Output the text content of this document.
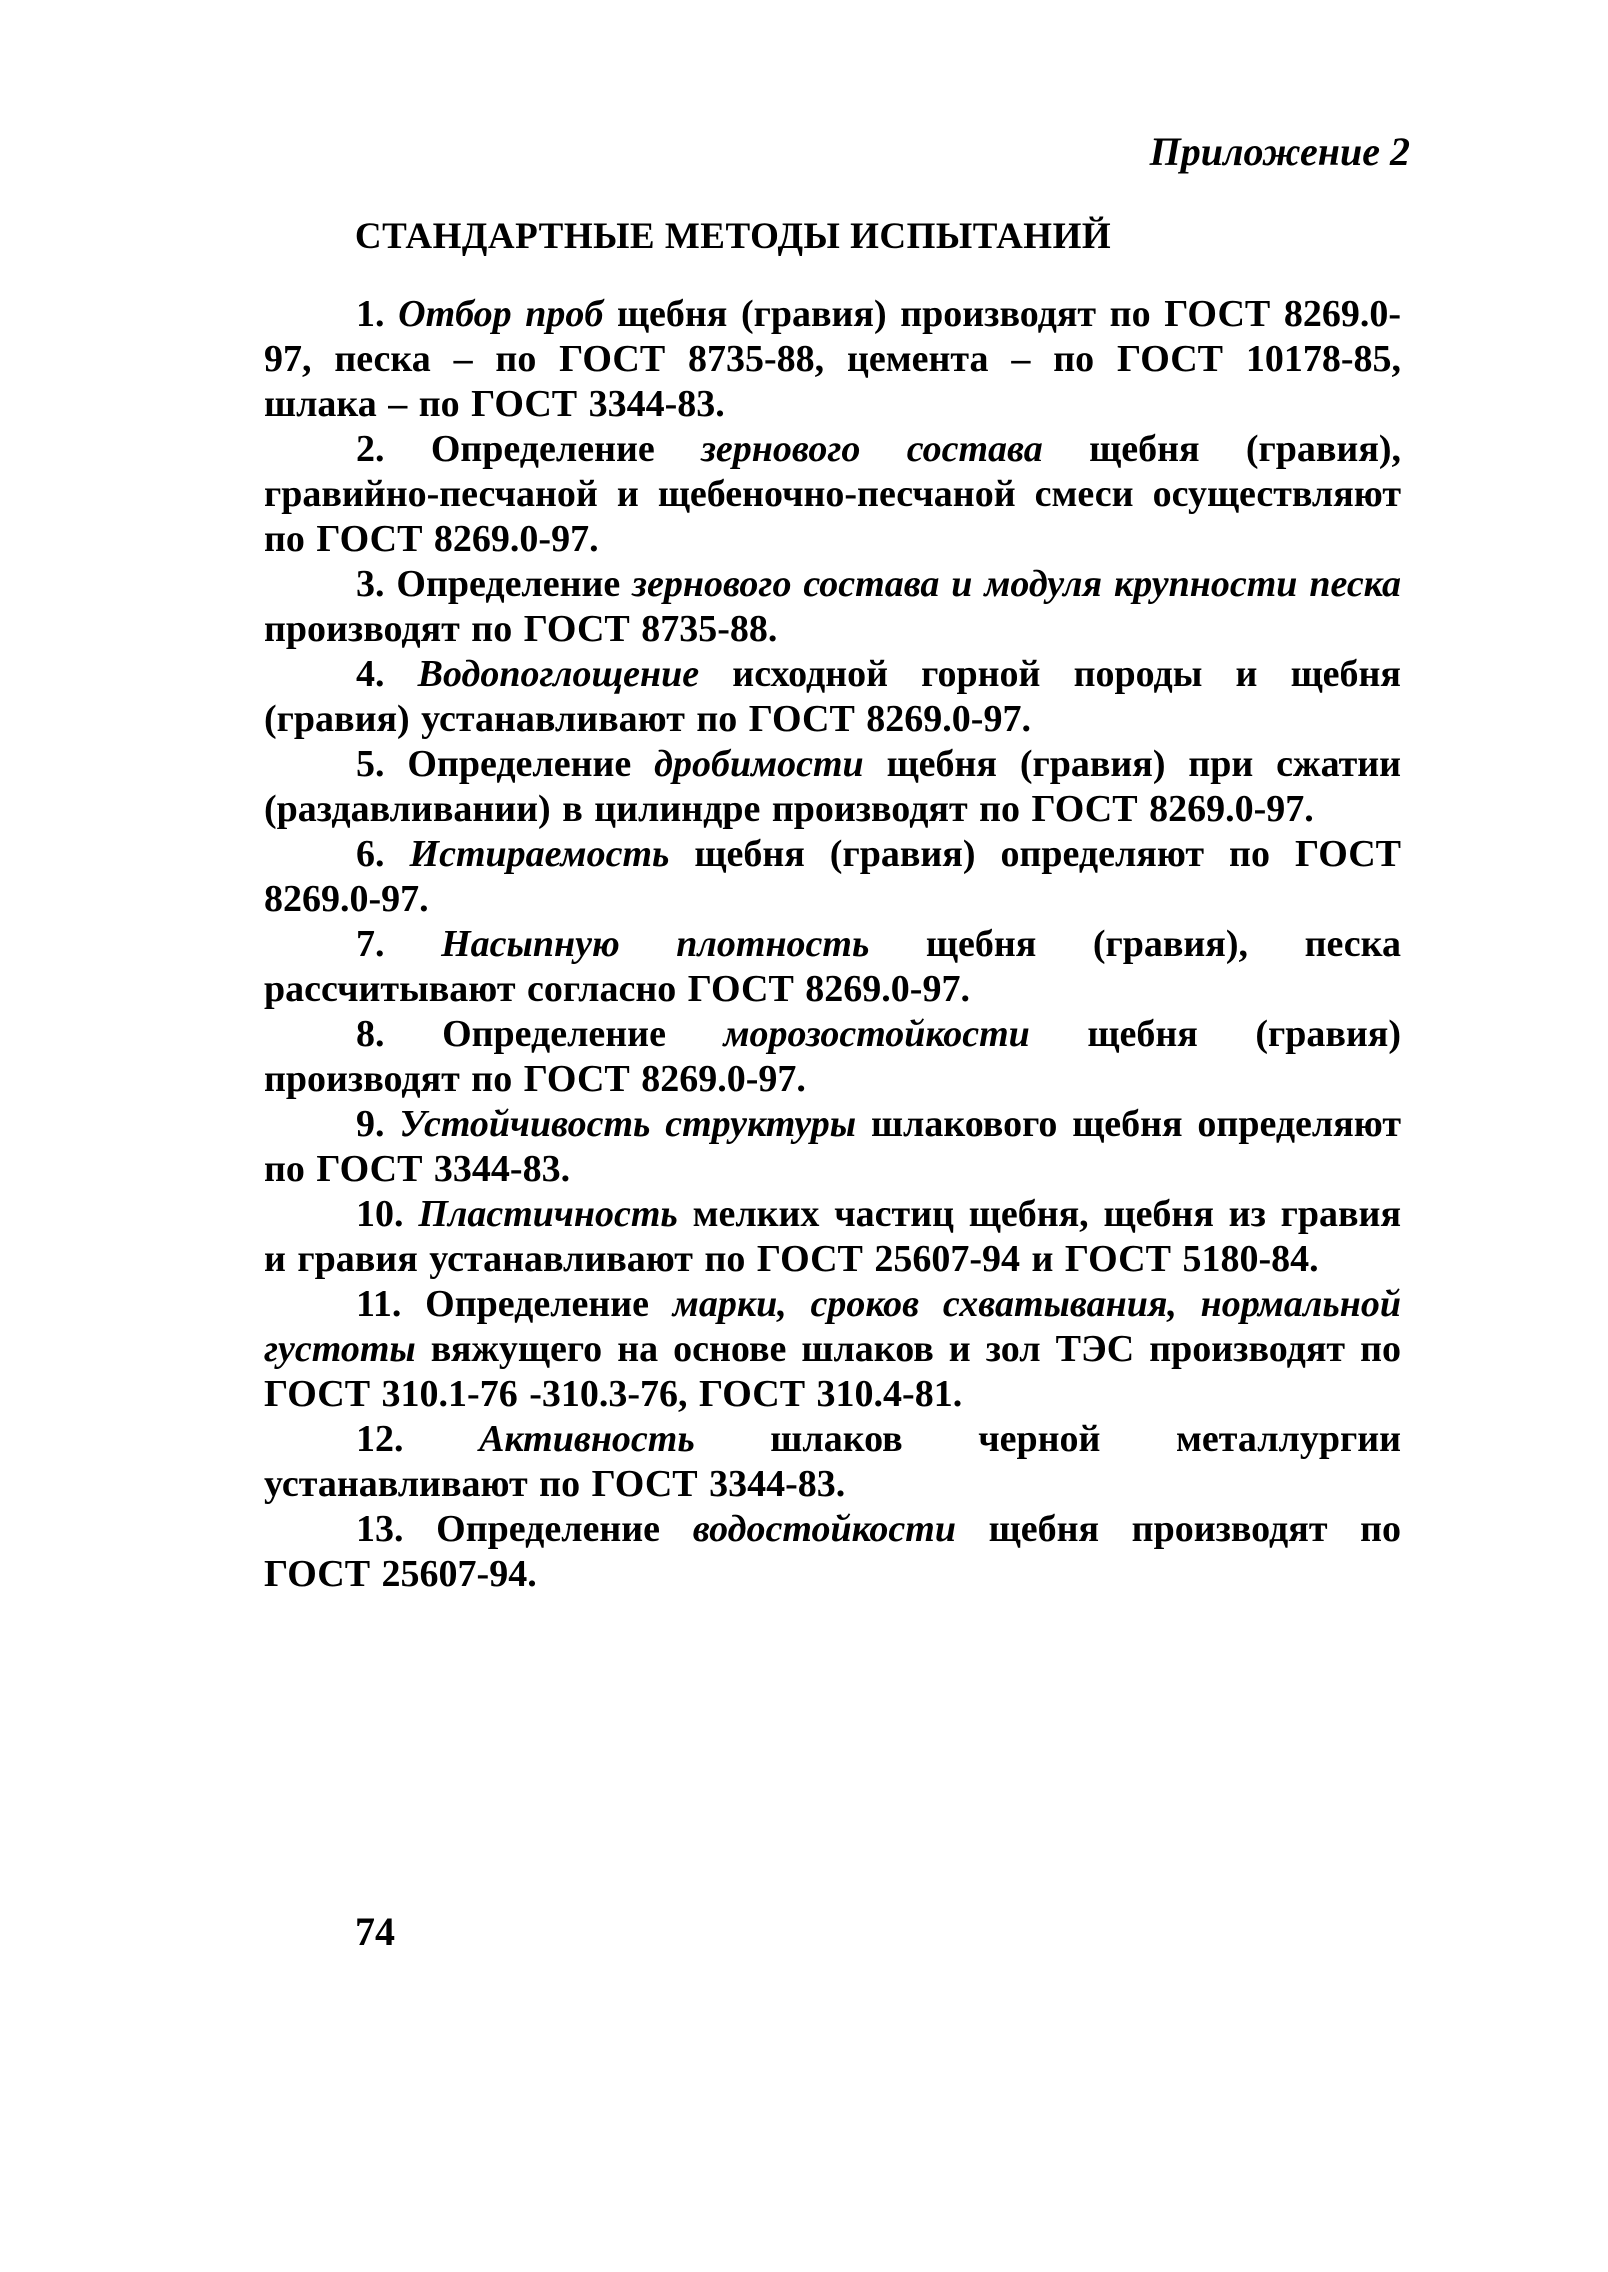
Приложение 2
СТАНДАРТНЫЕ МЕТОДЫ ИСПЫТАНИЙ

1. Отбор проб щебня (гравия) производят по ГОСТ 8269.0-97, песка – по ГОСТ 8735-88, цемента – по ГОСТ 10178-85, шлака – по ГОСТ 3344-83.

2. Определение зернового состава щебня (гравия), гравийно-песчаной и щебеночно-песчаной смеси осуществляют по ГОСТ 8269.0-97.

3. Определение зернового состава и модуля крупности песка производят по ГОСТ 8735-88.

4. Водопоглощение исходной горной породы и щебня (гравия) устанавливают по ГОСТ 8269.0-97.

5. Определение дробимости щебня (гравия) при сжатии (раздавливании) в цилиндре производят по ГОСТ 8269.0-97.

6. Истираемость щебня (гравия) определяют по ГОСТ 8269.0-97.

7. Насыпную плотность щебня (гравия), песка рассчитывают согласно ГОСТ 8269.0-97.

8. Определение морозостойкости щебня (гравия) производят по ГОСТ 8269.0-97.

9. Устойчивость структуры шлакового щебня определяют по ГОСТ 3344-83.

10. Пластичность мелких частиц щебня, щебня из гравия и гравия устанавливают по ГОСТ 25607-94 и ГОСТ 5180-84.

11. Определение марки, сроков схватывания, нормальной густоты вяжущего на основе шлаков и зол ТЭС производят по ГОСТ 310.1-76 -310.3-76, ГОСТ 310.4-81.

12. Активность шлаков черной металлургии устанавливают по ГОСТ 3344-83.

13. Определение водостойкости щебня производят по ГОСТ 25607-94.

74
